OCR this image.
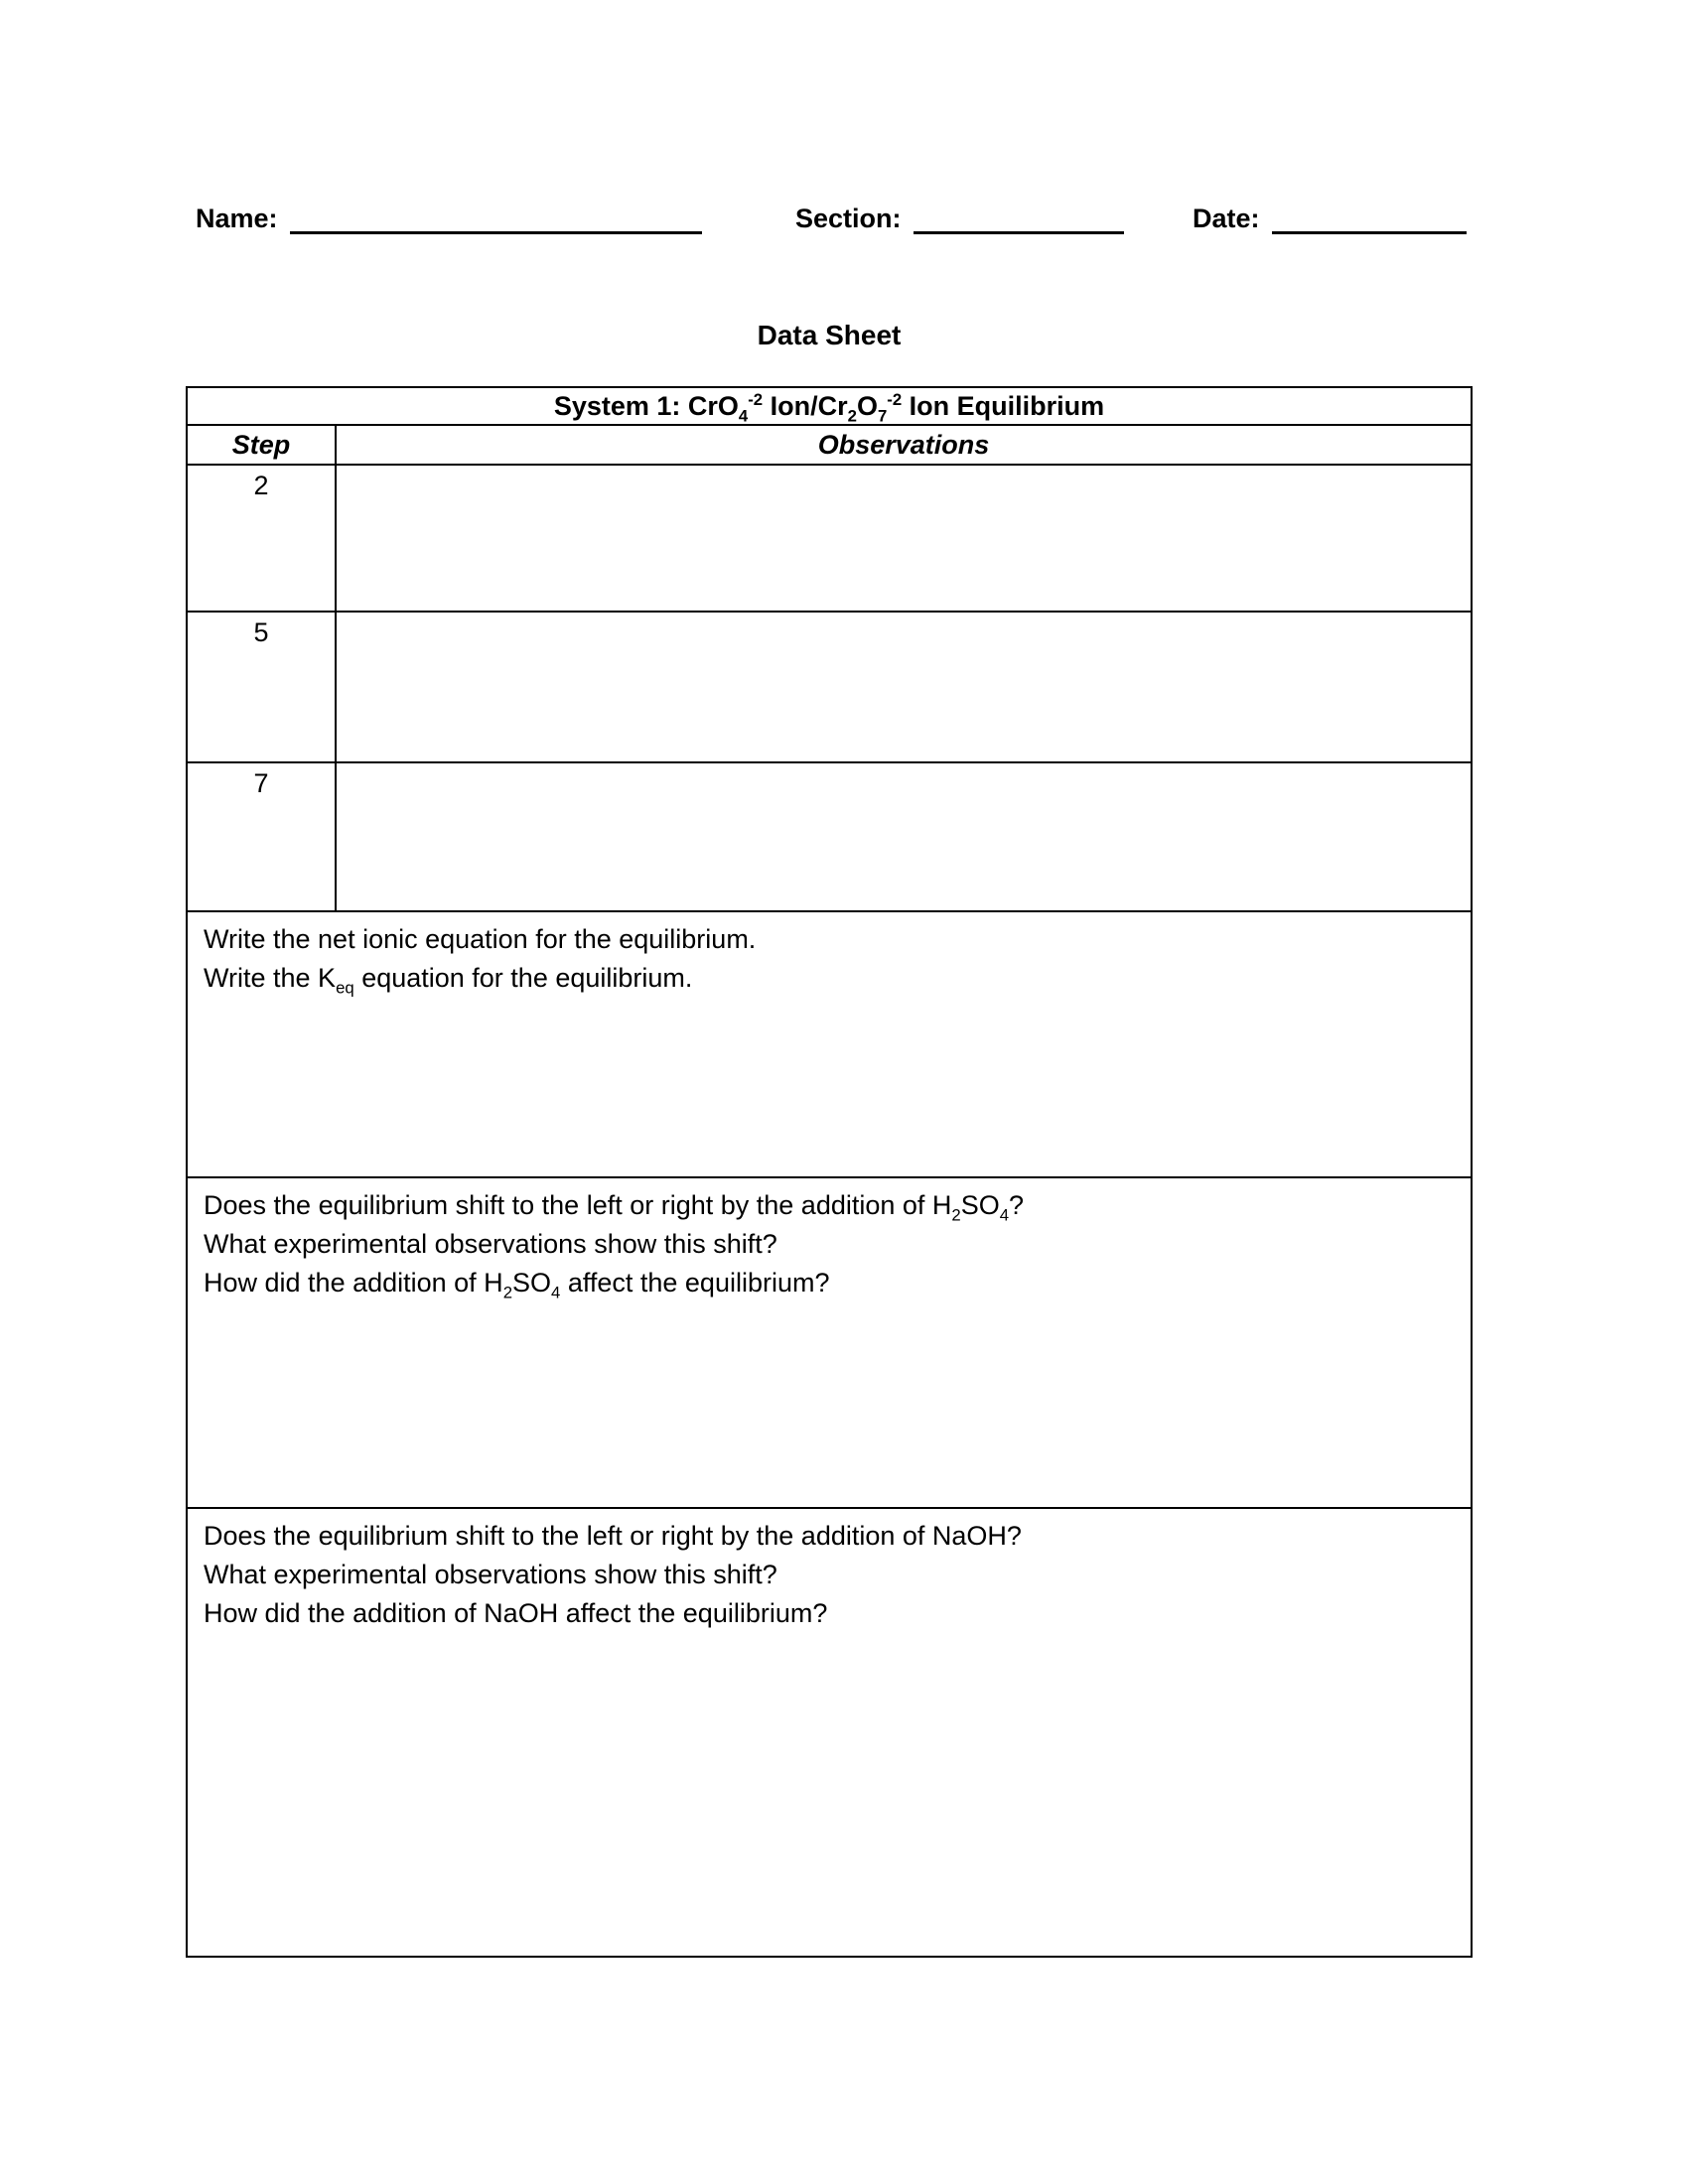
Name:	Section:	Date:
Data Sheet
System 1: CrO$_4^{-2}$ Ion/$Cr_2O_7^{-2}$ Ion Equilibrium
Step	Observations
2
5
7
Write the net ionic equation for the equilibrium.
Write the $K_{eq}$ equation for the equilibrium.
Does the equilibrium shift to the left or right by the addition of $H_2SO_4$?
What experimental observations show this shift?
How did the addition of $H_2SO_4$ affect the equilibrium?
Does the equilibrium shift to the left or right by the addition of NaOH?
What experimental observations show this shift?
How did the addition of NaOH affect the equilibrium?
